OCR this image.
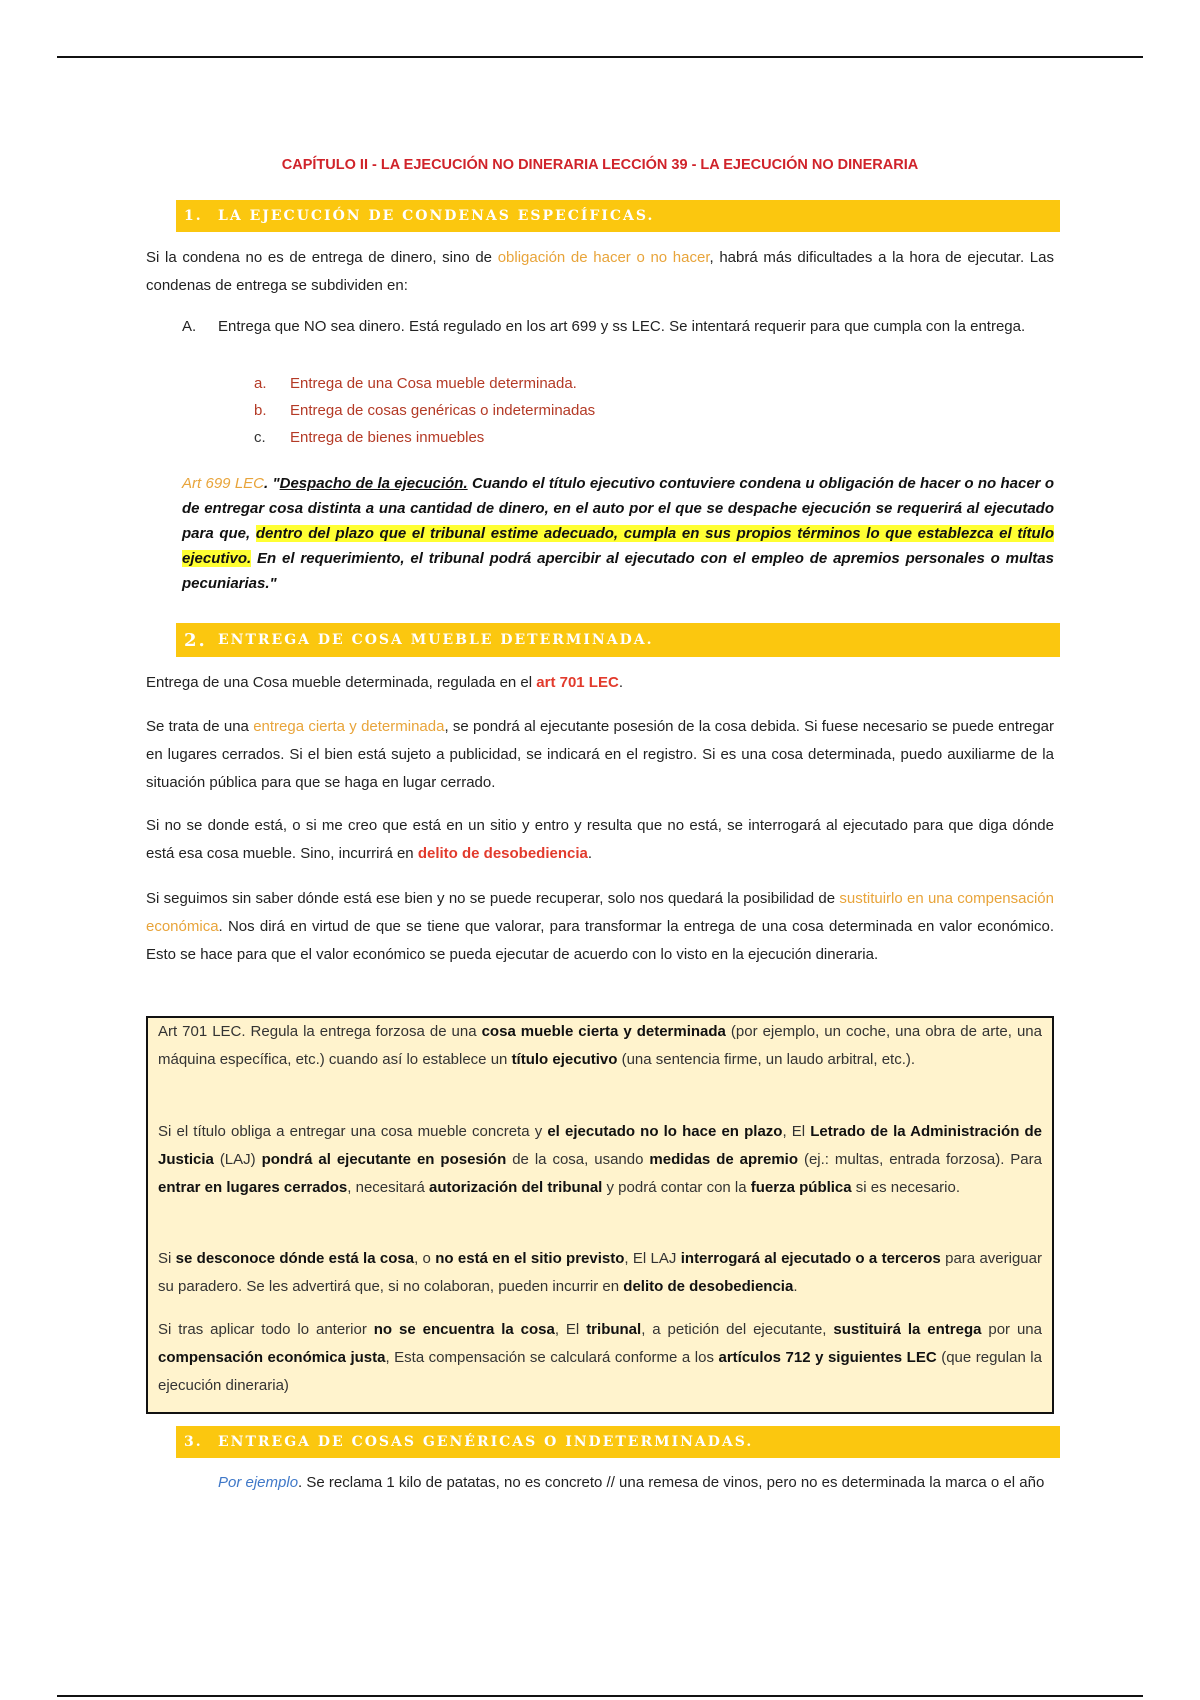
CAPÍTULO II - LA EJECUCIÓN NO DINERARIA LECCIÓN 39 - LA EJECUCIÓN NO DINERARIA
1.	LA EJECUCIÓN DE CONDENAS ESPECÍFICAS.
Si la condena no es de entrega de dinero, sino de obligación de hacer o no hacer, habrá más dificultades a la hora de ejecutar. Las condenas de entrega se subdividen en:
A. Entrega que NO sea dinero. Está regulado en los art 699 y ss LEC. Se intentará requerir para que cumpla con la entrega.
a.	Entrega de una Cosa mueble determinada.
b.	Entrega de cosas genéricas o indeterminadas
c.	Entrega de bienes inmuebles
Art 699 LEC. "Despacho de la ejecución. Cuando el título ejecutivo contuviere condena u obligación de hacer o no hacer o de entregar cosa distinta a una cantidad de dinero, en el auto por el que se despache ejecución se requerirá al ejecutado para que, dentro del plazo que el tribunal estime adecuado, cumpla en sus propios términos lo que establezca el título ejecutivo. En el requerimiento, el tribunal podrá apercibir al ejecutado con el empleo de apremios personales o multas pecuniarias."
2. ENTREGA DE COSA MUEBLE DETERMINADA.
Entrega de una Cosa mueble determinada, regulada en el art 701 LEC.
Se trata de una entrega cierta y determinada, se pondrá al ejecutante posesión de la cosa debida. Si fuese necesario se puede entregar en lugares cerrados. Si el bien está sujeto a publicidad, se indicará en el registro. Si es una cosa determinada, puedo auxiliarme de la situación pública para que se haga en lugar cerrado.
Si no se donde está, o si me creo que está en un sitio y entro y resulta que no está, se interrogará al ejecutado para que diga dónde está esa cosa mueble. Sino, incurrirá en delito de desobediencia.
Si seguimos sin saber dónde está ese bien y no se puede recuperar, solo nos quedará la posibilidad de sustituirlo en una compensación económica. Nos dirá en virtud de que se tiene que valorar, para transformar la entrega de una cosa determinada en valor económico. Esto se hace para que el valor económico se pueda ejecutar de acuerdo con lo visto en la ejecución dineraria.
Art 701 LEC. Regula la entrega forzosa de una cosa mueble cierta y determinada (por ejemplo, un coche, una obra de arte, una máquina específica, etc.) cuando así lo establece un título ejecutivo (una sentencia firme, un laudo arbitral, etc.).
Si el título obliga a entregar una cosa mueble concreta y el ejecutado no lo hace en plazo, El Letrado de la Administración de Justicia (LAJ) pondrá al ejecutante en posesión de la cosa, usando medidas de apremio (ej.: multas, entrada forzosa). Para entrar en lugares cerrados, necesitará autorización del tribunal y podrá contar con la fuerza pública si es necesario.
Si se desconoce dónde está la cosa, o no está en el sitio previsto, El LAJ interrogará al ejecutado o a terceros para averiguar su paradero. Se les advertirá que, si no colaboran, pueden incurrir en delito de desobediencia.
Si tras aplicar todo lo anterior no se encuentra la cosa, El tribunal, a petición del ejecutante, sustituirá la entrega por una compensación económica justa, Esta compensación se calculará conforme a los artículos 712 y siguientes LEC (que regulan la ejecución dineraria)
3.	ENTREGA DE COSAS GENÉRICAS O INDETERMINADAS.
Por ejemplo. Se reclama 1 kilo de patatas, no es concreto // una remesa de vinos, pero no es determinada la marca o el año
